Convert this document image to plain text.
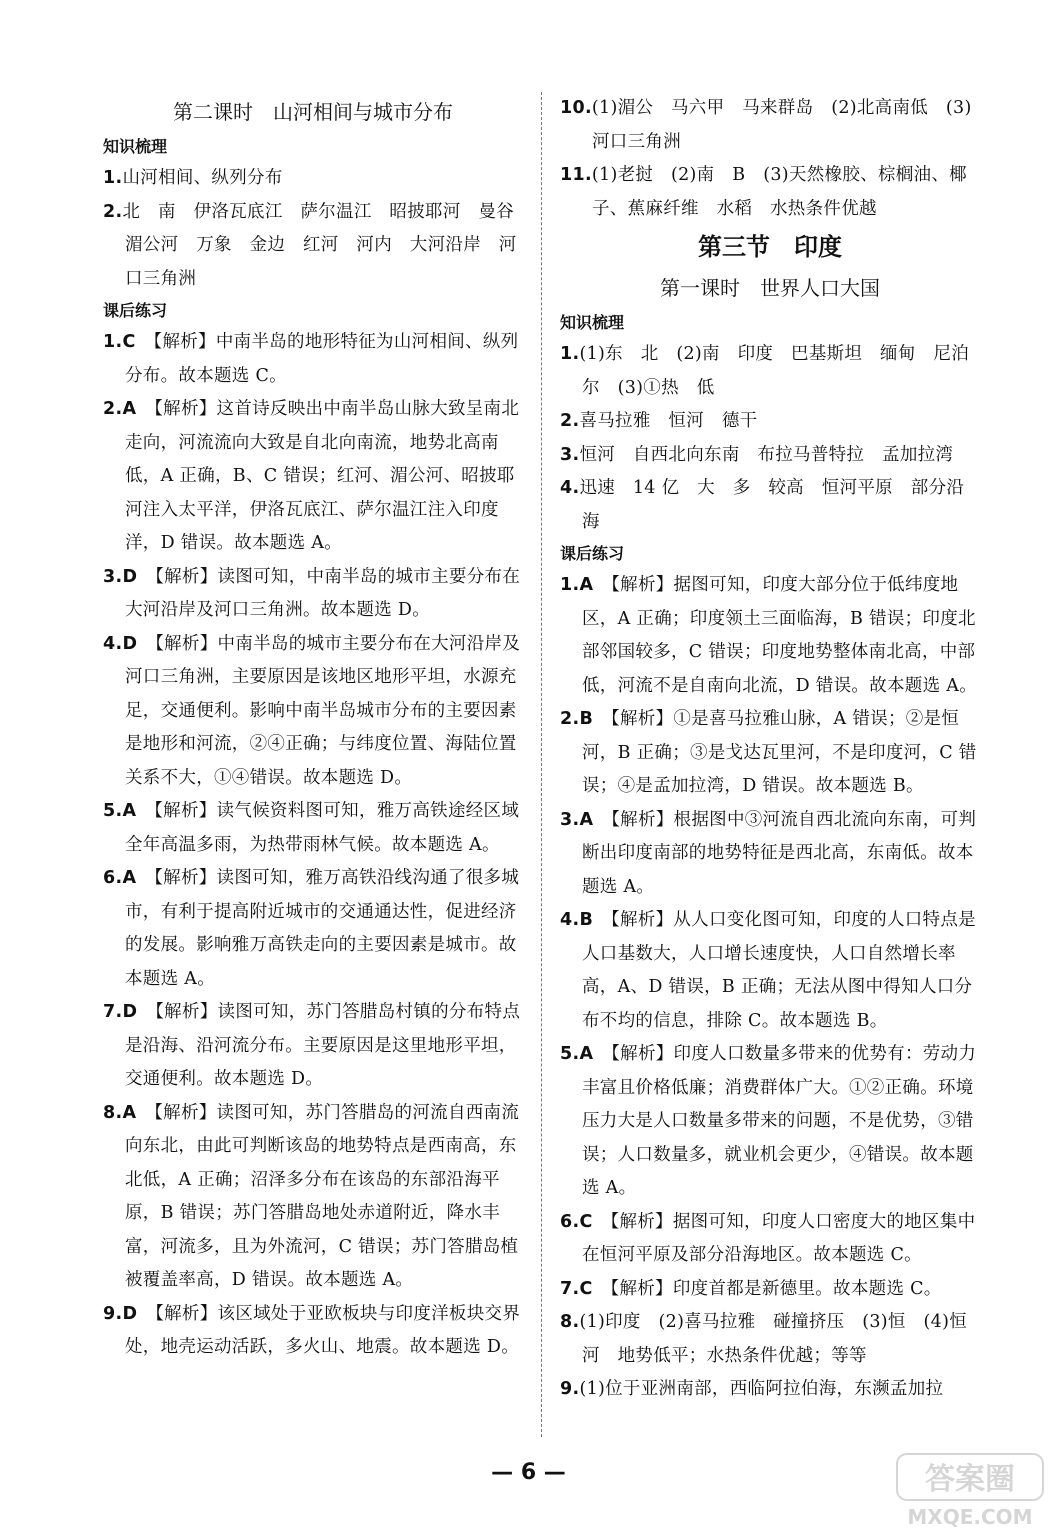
第二课时　山河相间与城市分布
知识梳理
1.山河相间、纵列分布
2.北　南　伊洛瓦底江　萨尔温江　昭披耶河　曼谷　湄公河　万象　金边　红河　河内　大河沿岸　河口三角洲
课后练习
1.C　 【解析】中南半岛的地形特征为山河相间、纵列分布。故本题选 C。
2.A　 【解析】这首诗反映出中南半岛山脉大致呈南北走向，河流流向大致是自北向南流，地势北高南低，A 正确，B、C 错误；红河、湄公河、昭披耶河注入太平洋，伊洛瓦底江、萨尔温江注入印度洋，D 错误。故本题选 A。
3.D　 【解析】读图可知，中南半岛的城市主要分布在大河沿岸及河口三角洲。故本题选 D。
4.D　 【解析】中南半岛的城市主要分布在大河沿岸及河口三角洲，主要原因是该地区地形平坦，水源充足，交通便利。影响中南半岛城市分布的主要因素是地形和河流，②④正确；与纬度位置、海陆位置关系不大，①④错误。故本题选 D。
5.A　 【解析】读气候资料图可知，雅万高铁途经区域全年高温多雨，为热带雨林气候。故本题选 A。
6.A　 【解析】读图可知，雅万高铁沿线沟通了很多城市，有利于提高附近城市的交通通达性，促进经济的发展。影响雅万高铁走向的主要因素是城市。故本题选 A。
7.D　 【解析】读图可知，苏门答腊岛村镇的分布特点是沿海、沿河流分布。主要原因是这里地形平坦，交通便利。故本题选 D。
8.A　 【解析】读图可知，苏门答腊岛的河流自西南流向东北，由此可判断该岛的地势特点是西南高，东北低，A 正确；沼泽多分布在该岛的东部沿海平原，B 错误；苏门答腊岛地处赤道附近，降水丰富，河流多，且为外流河，C 错误；苏门答腊岛植被覆盖率高，D 错误。故本题选 A。
9.D　 【解析】该区域处于亚欧板块与印度洋板块交界处，地壳运动活跃，多火山、地震。故本题选 D。
10.(1)湄公　马六甲　马来群岛　(2)北高南低　(3)河口三角洲
11.(1)老挝　(2)南　B　(3)天然橡胶、棕榈油、椰子、蕉麻纤维　水稻　水热条件优越
第三节　印度
第一课时　世界人口大国
知识梳理
1.(1)东　北　(2)南　印度　巴基斯坦　缅甸　尼泊尔　(3)①热　低
2.喜马拉雅　恒河　德干
3.恒河　自西北向东南　布拉马普特拉　孟加拉湾
4.迅速　14 亿　大　多　较高　恒河平原　部分沿海
课后练习
1.A　 【解析】据图可知，印度大部分位于低纬度地区，A 正确；印度领土三面临海，B 错误；印度北部邻国较多，C 错误；印度地势整体南北高，中部低，河流不是自南向北流，D 错误。故本题选 A。
2.B　 【解析】①是喜马拉雅山脉，A 错误；②是恒河，B 正确；③是戈达瓦里河，不是印度河，C 错误；④是孟加拉湾，D 错误。故本题选 B。
3.A　 【解析】根据图中③河流自西北流向东南，可判断出印度南部的地势特征是西北高，东南低。故本题选 A。
4.B　 【解析】从人口变化图可知，印度的人口特点是人口基数大，人口增长速度快，人口自然增长率高，A、D 错误，B 正确；无法从图中得知人口分布不均的信息，排除 C。故本题选 B。
5.A　 【解析】印度人口数量多带来的优势有：劳动力丰富且价格低廉；消费群体广大。①②正确。环境压力大是人口数量多带来的问题，不是优势，③错误；人口数量多，就业机会更少，④错误。故本题选 A。
6.C　 【解析】据图可知，印度人口密度大的地区集中在恒河平原及部分沿海地区。故本题选 C。
7.C　 【解析】印度首都是新德里。故本题选 C。
8.(1)印度　(2)喜马拉雅　碰撞挤压　(3)恒　(4)恒河　地势低平；水热条件优越；等等
9.(1)位于亚洲南部，西临阿拉伯海，东濒孟加拉
— 6 —	答案圈
MXQE.COM
